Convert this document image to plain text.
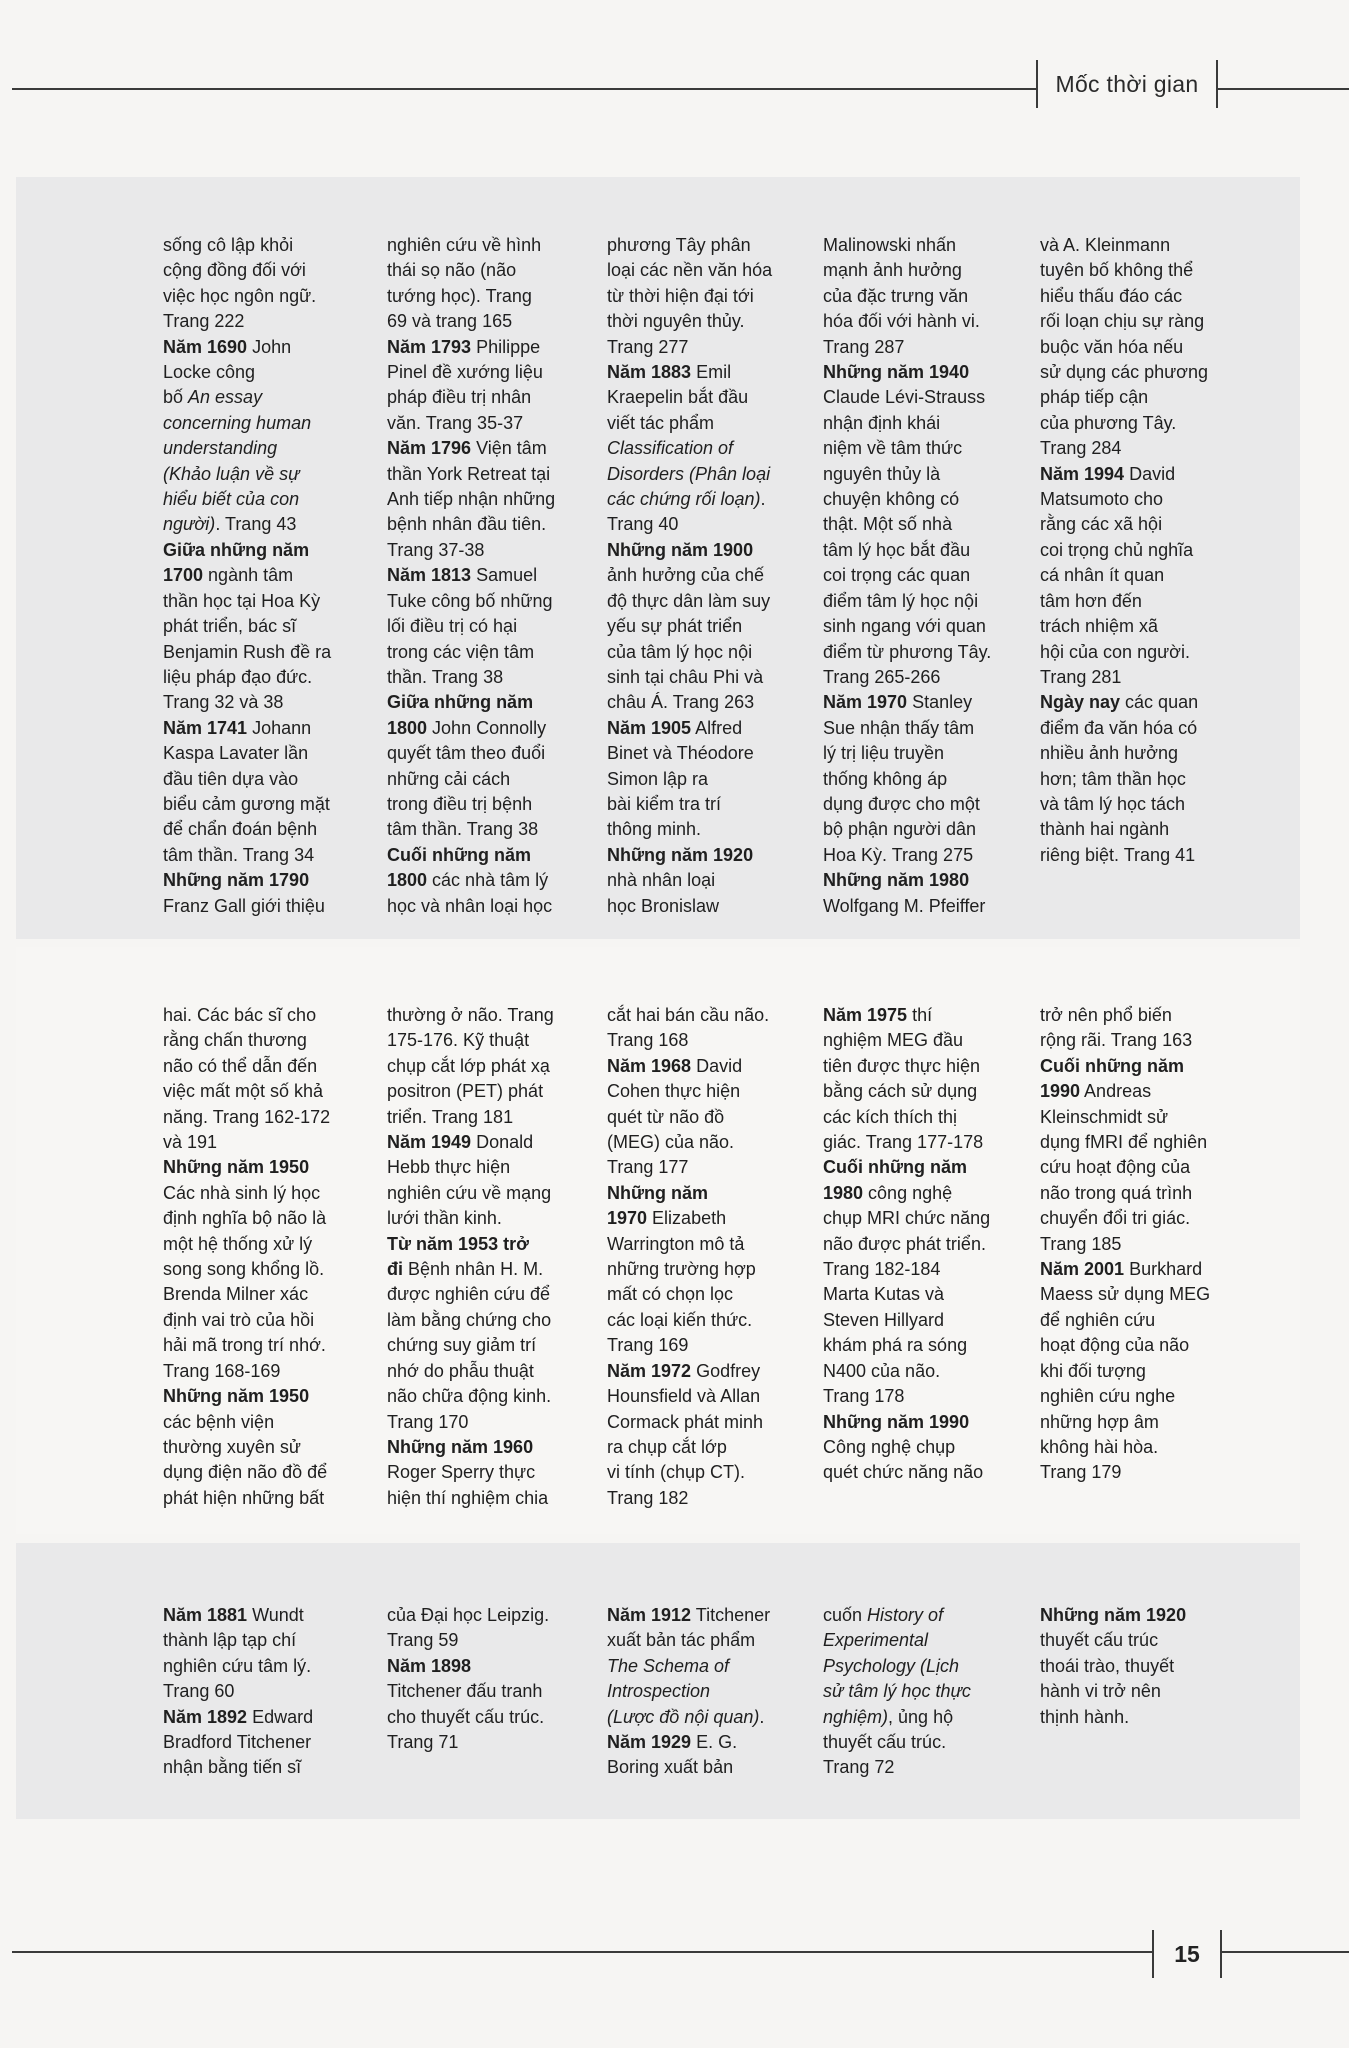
Mốc thời gian
sống cô lập khỏi
cộng đồng đối với
việc học ngôn ngữ.
Trang 222
Năm 1690 John
Locke công
bố An essay
concerning human
understanding
(Khảo luận về sự
hiểu biết của con
người). Trang 43
Giữa những năm
1700 ngành tâm
thần học tại Hoa Kỳ
phát triển, bác sĩ
Benjamin Rush đề ra
liệu pháp đạo đức.
Trang 32 và 38
Năm 1741 Johann
Kaspa Lavater lần
đầu tiên dựa vào
biểu cảm gương mặt
để chẩn đoán bệnh
tâm thần. Trang 34
Những năm 1790
Franz Gall giới thiệu
nghiên cứu về hình
thái sọ não (não
tướng học). Trang
69 và trang 165
Năm 1793 Philippe
Pinel đề xướng liệu
pháp điều trị nhân
văn. Trang 35-37
Năm 1796 Viện tâm
thần York Retreat tại
Anh tiếp nhận những
bệnh nhân đầu tiên.
Trang 37-38
Năm 1813 Samuel
Tuke công bố những
lối điều trị có hại
trong các viện tâm
thần. Trang 38
Giữa những năm
1800 John Connolly
quyết tâm theo đuổi
những cải cách
trong điều trị bệnh
tâm thần. Trang 38
Cuối những năm
1800 các nhà tâm lý
học và nhân loại học
phương Tây phân
loại các nền văn hóa
từ thời hiện đại tới
thời nguyên thủy.
Trang 277
Năm 1883 Emil
Kraepelin bắt đầu
viết tác phẩm
Classification of
Disorders (Phân loại
các chứng rối loạn).
Trang 40
Những năm 1900
ảnh hưởng của chế
độ thực dân làm suy
yếu sự phát triển
của tâm lý học nội
sinh tại châu Phi và
châu Á. Trang 263
Năm 1905 Alfred
Binet và Théodore
Simon lập ra
bài kiểm tra trí
thông minh.
Những năm 1920
nhà nhân loại
học Bronislaw
Malinowski nhấn
mạnh ảnh hưởng
của đặc trưng văn
hóa đối với hành vi.
Trang 287
Những năm 1940
Claude Lévi-Strauss
nhận định khái
niệm về tâm thức
nguyên thủy là
chuyện không có
thật. Một số nhà
tâm lý học bắt đầu
coi trọng các quan
điểm tâm lý học nội
sinh ngang với quan
điểm từ phương Tây.
Trang 265-266
Năm 1970 Stanley
Sue nhận thấy tâm
lý trị liệu truyền
thống không áp
dụng được cho một
bộ phận người dân
Hoa Kỳ. Trang 275
Những năm 1980
Wolfgang M. Pfeiffer
và A. Kleinmann
tuyên bố không thể
hiểu thấu đáo các
rối loạn chịu sự ràng
buộc văn hóa nếu
sử dụng các phương
pháp tiếp cận
của phương Tây.
Trang 284
Năm 1994 David
Matsumoto cho
rằng các xã hội
coi trọng chủ nghĩa
cá nhân ít quan
tâm hơn đến
trách nhiệm xã
hội của con người.
Trang 281
Ngày nay các quan
điểm đa văn hóa có
nhiều ảnh hưởng
hơn; tâm thần học
và tâm lý học tách
thành hai ngành
riêng biệt. Trang 41
hai. Các bác sĩ cho
rằng chấn thương
não có thể dẫn đến
việc mất một số khả
năng. Trang 162-172
và 191
Những năm 1950
Các nhà sinh lý học
định nghĩa bộ não là
một hệ thống xử lý
song song khổng lồ.
Brenda Milner xác
định vai trò của hồi
hải mã trong trí nhớ.
Trang 168-169
Những năm 1950
các bệnh viện
thường xuyên sử
dụng điện não đồ để
phát hiện những bất
thường ở não. Trang
175-176. Kỹ thuật
chụp cắt lớp phát xạ
positron (PET) phát
triển. Trang 181
Năm 1949 Donald
Hebb thực hiện
nghiên cứu về mạng
lưới thần kinh.
Từ năm 1953 trở
đi Bệnh nhân H. M.
được nghiên cứu để
làm bằng chứng cho
chứng suy giảm trí
nhớ do phẫu thuật
não chữa động kinh.
Trang 170
Những năm 1960
Roger Sperry thực
hiện thí nghiệm chia
cắt hai bán cầu não.
Trang 168
Năm 1968 David
Cohen thực hiện
quét từ não đồ
(MEG) của não.
Trang 177
Những năm
1970 Elizabeth
Warrington mô tả
những trường hợp
mất có chọn lọc
các loại kiến thức.
Trang 169
Năm 1972 Godfrey
Hounsfield và Allan
Cormack phát minh
ra chụp cắt lớp
vi tính (chụp CT).
Trang 182
Năm 1975 thí
nghiệm MEG đầu
tiên được thực hiện
bằng cách sử dụng
các kích thích thị
giác. Trang 177-178
Cuối những năm
1980 công nghệ
chụp MRI chức năng
não được phát triển.
Trang 182-184
Marta Kutas và
Steven Hillyard
khám phá ra sóng
N400 của não.
Trang 178
Những năm 1990
Công nghệ chụp
quét chức năng não
trở nên phổ biến
rộng rãi. Trang 163
Cuối những năm
1990 Andreas
Kleinschmidt sử
dụng fMRI để nghiên
cứu hoạt động của
não trong quá trình
chuyển đổi tri giác.
Trang 185
Năm 2001 Burkhard
Maess sử dụng MEG
để nghiên cứu
hoạt động của não
khi đối tượng
nghiên cứu nghe
những hợp âm
không hài hòa.
Trang 179
Năm 1881 Wundt
thành lập tạp chí
nghiên cứu tâm lý.
Trang 60
Năm 1892 Edward
Bradford Titchener
nhận bằng tiến sĩ
của Đại học Leipzig.
Trang 59
Năm 1898
Titchener đấu tranh
cho thuyết cấu trúc.
Trang 71
Năm 1912 Titchener
xuất bản tác phẩm
The Schema of
Introspection
(Lược đồ nội quan).
Năm 1929 E. G.
Boring xuất bản
cuốn History of
Experimental
Psychology (Lịch
sử tâm lý học thực
nghiệm), ủng hộ
thuyết cấu trúc.
Trang 72
Những năm 1920
thuyết cấu trúc
thoái trào, thuyết
hành vi trở nên
thịnh hành.
15
